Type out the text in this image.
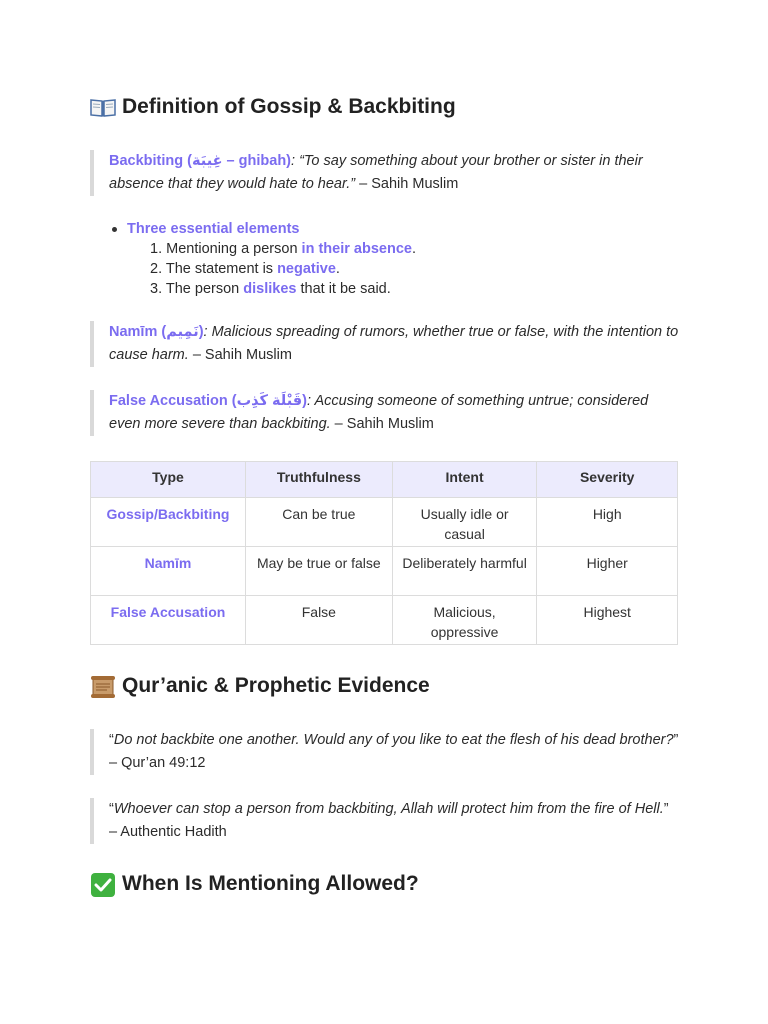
Definition of Gossip & Backbiting
Backbiting (غِيبَة – ghibah): “To say something about your brother or sister in their absence that they would hate to hear.” – Sahih Muslim
Three essential elements
1. Mentioning a person in their absence.
2. The statement is negative.
3. The person dislikes that it be said.
Namīm (نَمِيم): Malicious spreading of rumors, whether true or false, with the intention to cause harm. – Sahih Muslim
False Accusation (قَبْلَة كَذِب): Accusing someone of something untrue; considered even more severe than backbiting. – Sahih Muslim
Type	Truthfulness	Intent	Severity
Gossip/Backbiting	Can be true	Usually idle or casual	High
Namīm	May be true or false	Deliberately harmful	Higher
False Accusation	False	Malicious, oppressive	Highest
Qur’anic & Prophetic Evidence
“Do not backbite one another. Would any of you like to eat the flesh of his dead brother?” – Qur’an 49:12
“Whoever can stop a person from backbiting, Allah will protect him from the fire of Hell.” – Authentic Hadith
When Is Mentioning Allowed?
